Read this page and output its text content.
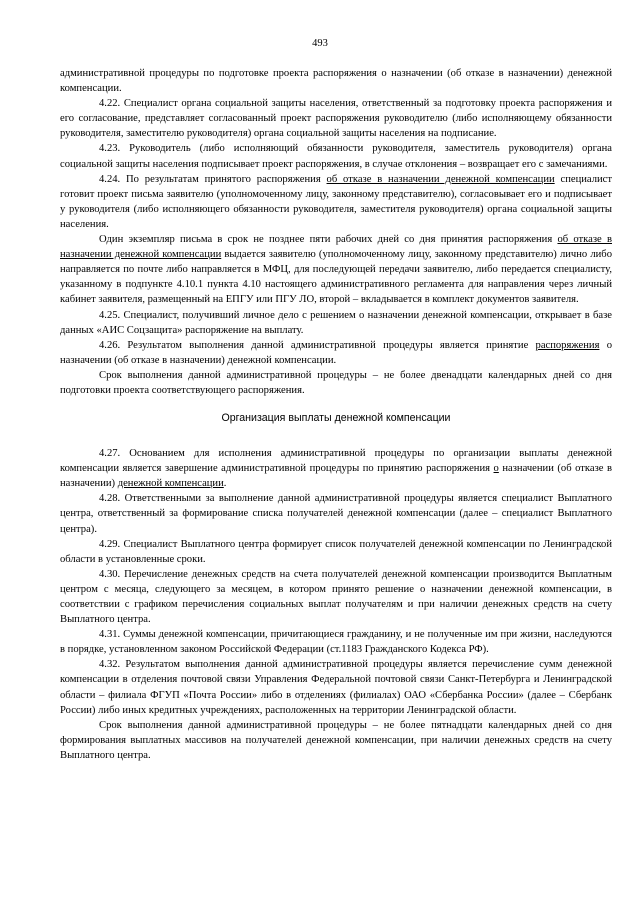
493

административной процедуры по подготовке проекта распоряжения о назначении (об отказе в назначении) денежной компенсации.

4.22. Специалист органа социальной защиты населения, ответственный за подготовку проекта распоряжения и его согласование, представляет согласованный проект распоряжения руководителю (либо исполняющему обязанности руководителя, заместителю руководителя) органа социальной защиты населения на подписание.

4.23. Руководитель (либо исполняющий обязанности руководителя, заместитель руководителя) органа социальной защиты населения подписывает проект распоряжения, в случае отклонения – возвращает его с замечаниями.

4.24. По результатам принятого распоряжения об отказе в назначении денежной компенсации специалист готовит проект письма заявителю (уполномоченному лицу, законному представителю), согласовывает его и подписывает у руководителя (либо исполняющего обязанности руководителя, заместителя руководителя) органа социальной защиты населения.

Один экземпляр письма в срок не позднее пяти рабочих дней со дня принятия распоряжения об отказе в назначении денежной компенсации выдается заявителю (уполномоченному лицу, законному представителю) лично либо направляется по почте либо направляется в МФЦ, для последующей передачи заявителю, либо передается специалисту, указанному в подпункте 4.10.1 пункта 4.10 настоящего административного регламента для направления через личный кабинет заявителя, размещенный на ЕПГУ или ПГУ ЛО, второй – вкладывается в комплект документов заявителя.

4.25. Специалист, получивший личное дело с решением о назначении денежной компенсации, открывает в базе данных «АИС Соцзащита» распоряжение на выплату.

4.26. Результатом выполнения данной административной процедуры является принятие распоряжения о назначении (об отказе в назначении) денежной компенсации.

Срок выполнения данной административной процедуры – не более двенадцати календарных дней со дня подготовки проекта соответствующего распоряжения.

Организация выплаты денежной компенсации

4.27. Основанием для исполнения административной процедуры по организации выплаты денежной компенсации является завершение административной процедуры по принятию распоряжения о назначении (об отказе в назначении) денежной компенсации.

4.28. Ответственными за выполнение данной административной процедуры является специалист Выплатного центра, ответственный за формирование списка получателей денежной компенсации (далее – специалист Выплатного центра).

4.29. Специалист Выплатного центра формирует список получателей денежной компенсации по Ленинградской области в установленные сроки.

4.30. Перечисление денежных средств на счета получателей денежной компенсации производится Выплатным центром с месяца, следующего за месяцем, в котором принято решение о назначении денежной компенсации, в соответствии с графиком перечисления социальных выплат получателям и при наличии денежных средств на счету Выплатного центра.

4.31. Суммы денежной компенсации, причитающиеся гражданину, и не полученные им при жизни, наследуются в порядке, установленном законом Российской Федерации (ст.1183 Гражданского Кодекса РФ).

4.32. Результатом выполнения данной административной процедуры является перечисление сумм денежной компенсации в отделения почтовой связи Управления Федеральной почтовой связи Санкт-Петербурга и Ленинградской области – филиала ФГУП «Почта России» либо в отделениях (филиалах) ОАО «Сбербанка России» (далее – Сбербанк России) либо иных кредитных учреждениях, расположенных на территории Ленинградской области.

Срок выполнения данной административной процедуры – не более пятнадцати календарных дней со дня формирования выплатных массивов на получателей денежной компенсации, при наличии денежных средств на счету Выплатного центра.
